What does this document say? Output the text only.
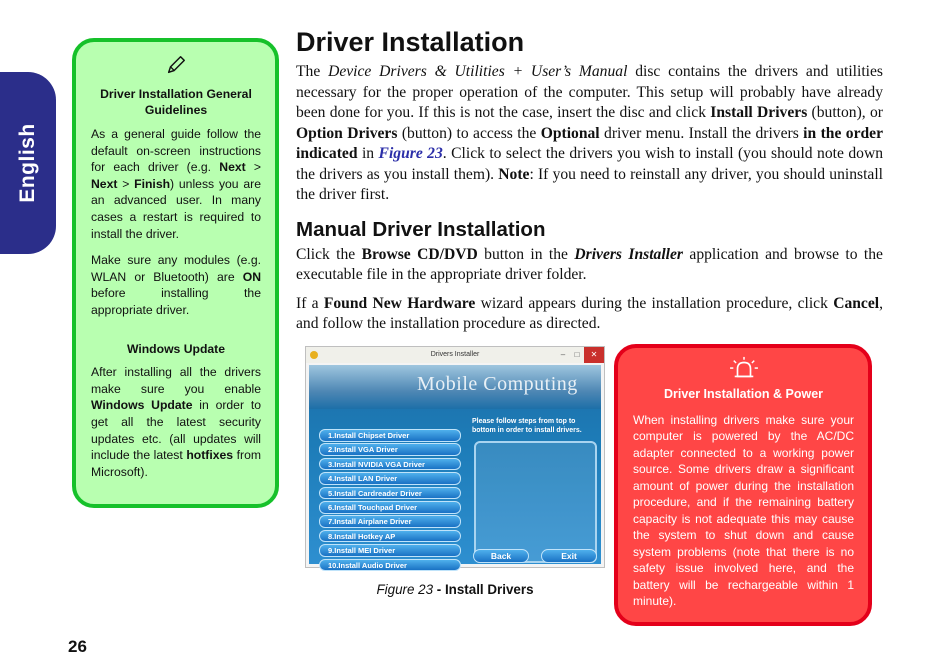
English
Driver Installation General Guidelines

As a general guide follow the default on-screen instructions for each driver (e.g. Next > Next > Finish) unless you are an advanced user. In many cases a restart is required to install the driver.

Make sure any modules (e.g. WLAN or Bluetooth) are ON before installing the appropriate driver.

Windows Update

After installing all the drivers make sure you enable Windows Update in order to get all the latest security updates etc. (all updates will include the latest hotfixes from Microsoft).

Driver Installation

The Device Drivers & Utilities + User’s Manual disc contains the drivers and utilities necessary for the proper operation of the computer. This setup will probably have already been done for you. If this is not the case, insert the disc and click Install Drivers (button), or Option Drivers (button) to access the Optional driver menu. Install the drivers in the order indicated in Figure 23. Click to select the drivers you wish to install (you should note down the drivers as you install them). Note: If you need to reinstall any driver, you should uninstall the driver first.

Manual Driver Installation

Click the Browse CD/DVD button in the Drivers Installer application and browse to the executable file in the appropriate driver folder.

If a Found New Hardware wizard appears during the installation procedure, click Cancel, and follow the installation procedure as directed.

Drivers Installer	–	□	✕
Mobile Computing
Please follow steps from top to bottom in order to install drivers.
1.Install Chipset Driver
2.Install VGA Driver
3.Install NVIDIA VGA Driver
4.Install LAN Driver
5.Install Cardreader Driver
6.Install Touchpad Driver
7.Install Airplane Driver
8.Install Hotkey AP
9.Install MEI Driver
10.Install Audio Driver
Back	Exit
Figure 23 - Install Drivers
Driver Installation & Power

When installing drivers make sure your computer is powered by the AC/DC adapter connected to a working power source. Some drivers draw a significant amount of power during the installation procedure, and if the remaining battery capacity is not adequate this may cause the system to shut down and cause system problems (note that there is no safety issue involved here, and the battery will be rechargeable within 1 minute).

26
